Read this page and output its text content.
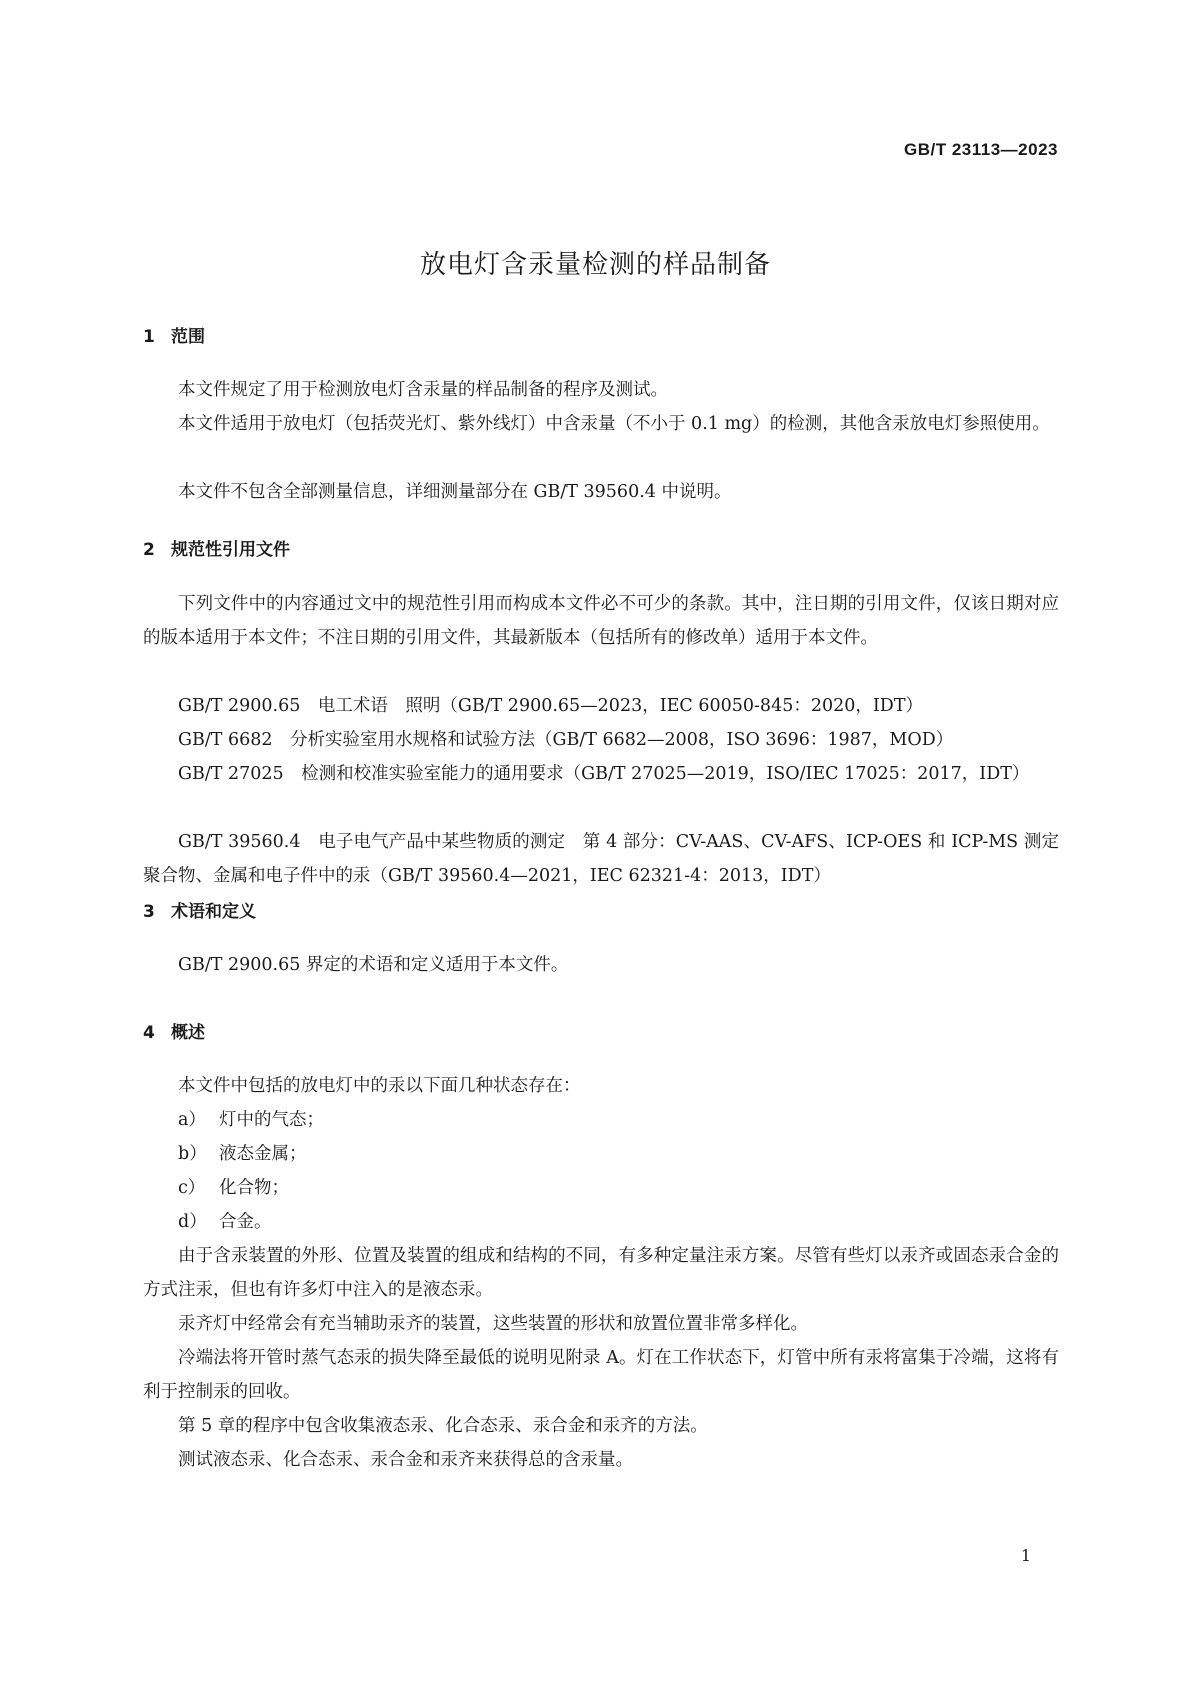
GB/T 23113—2023
放电灯含汞量检测的样品制备
1 范围

本文件规定了用于检测放电灯含汞量的样品制备的程序及测试。

本文件适用于放电灯（包括荧光灯、紫外线灯）中含汞量（不小于 0.1 mg）的检测，其他含汞放电灯参照使用。

本文件不包含全部测量信息，详细测量部分在 GB/T 39560.4 中说明。

2 规范性引用文件

下列文件中的内容通过文中的规范性引用而构成本文件必不可少的条款。其中，注日期的引用文件，仅该日期对应的版本适用于本文件；不注日期的引用文件，其最新版本（包括所有的修改单）适用于本文件。

GB/T 2900.65　电工术语　照明（GB/T 2900.65—2023，IEC 60050-845：2020，IDT）

GB/T 6682　分析实验室用水规格和试验方法（GB/T 6682—2008，ISO 3696：1987，MOD）

GB/T 27025　检测和校准实验室能力的通用要求（GB/T 27025—2019，ISO/IEC 17025：2017，IDT）

GB/T 39560.4　电子电气产品中某些物质的测定　第 4 部分：CV-AAS、CV-AFS、ICP-OES 和 ICP-MS 测定聚合物、金属和电子件中的汞（GB/T 39560.4—2021，IEC 62321-4：2013，IDT）

3 术语和定义

GB/T 2900.65 界定的术语和定义适用于本文件。

4 概述

本文件中包括的放电灯中的汞以下面几种状态存在：

a） 灯中的气态；
b） 液态金属；
c） 化合物；
d） 合金。

由于含汞装置的外形、位置及装置的组成和结构的不同，有多种定量注汞方案。尽管有些灯以汞齐或固态汞合金的方式注汞，但也有许多灯中注入的是液态汞。

汞齐灯中经常会有充当辅助汞齐的装置，这些装置的形状和放置位置非常多样化。

冷端法将开管时蒸气态汞的损失降至最低的说明见附录 A。灯在工作状态下，灯管中所有汞将富集于冷端，这将有利于控制汞的回收。

第 5 章的程序中包含收集液态汞、化合态汞、汞合金和汞齐的方法。

测试液态汞、化合态汞、汞合金和汞齐来获得总的含汞量。

1
